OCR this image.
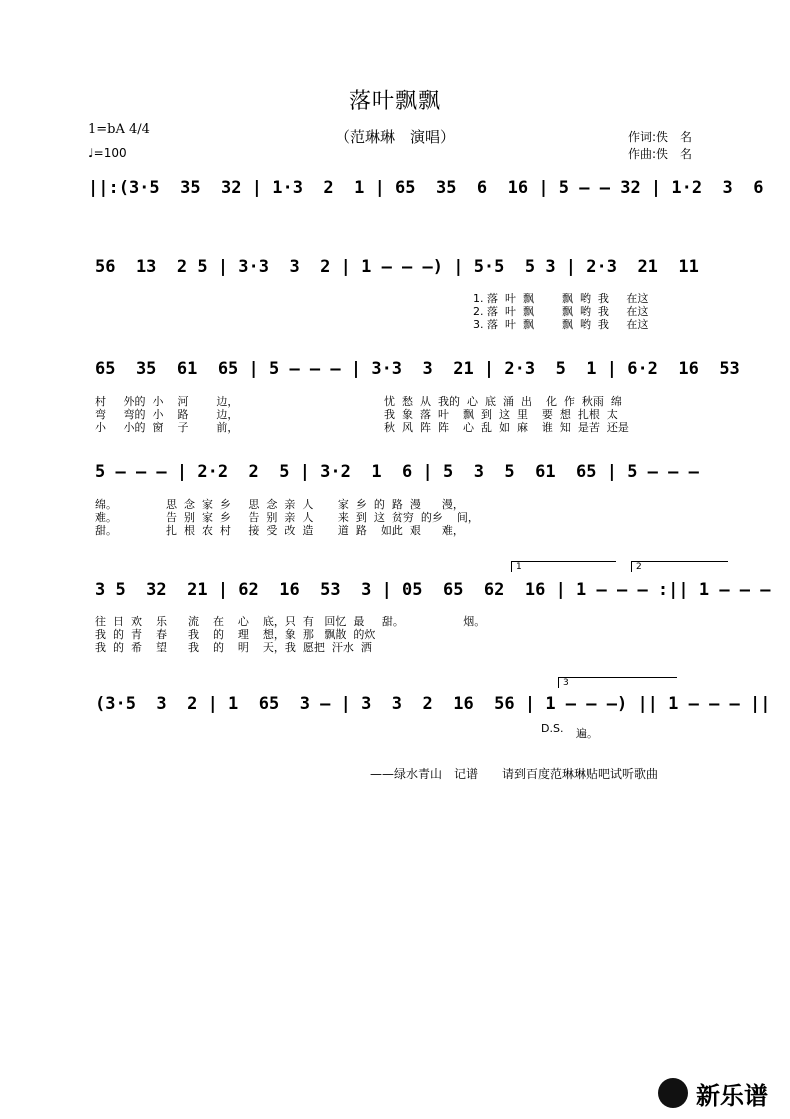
落叶飘飘
（范琳琳　演唱）	作词:佚　名
作曲:佚　名
1=bA 4/4
♩=100
||:(3·5  35  32 | 1·3  2  1 | 65  35  6  16 | 5 — — 32 | 1·2  3  6
56  13  2 5 | 3·3  3  2 | 1 — — —) | 5·5  5 3 | 2·3  21  11
1. 落  叶  飘        飘  哟  我     在这
2. 落  叶  飘        飘  哟  我     在这
3. 落  叶  飘        飘  哟  我     在这
65  35  61  65 | 5 — — — | 3·3  3  21 | 2·3  5  1 | 6·2  16  53
村     外的  小    河        边，	忧  愁  从  我的  心  底  涌  出    化  作  秋雨  绵
弯     弯的  小    路        边，	我  象  落  叶    飘  到  这  里    要  想  扎根  太
小     小的  窗    子        前，	秋  风  阵  阵    心  乱  如  麻    谁  知  是苦  还是
5 — — — | 2·2  2  5 | 3·2  1  6 | 5  3  5  61  65 | 5 — — —
绵。              思  念  家  乡     思  念  亲  人       家  乡  的  路  漫      漫，
难。              告  别  家  乡     告  别  亲  人       来  到  这  贫穷  的乡    间，
甜。              扎  根  农  村     接  受  改  造       道  路    如此  艰      难，
1	2
3 5  32  21 | 62  16  53  3 | 05  65  62  16 | 1 — — — :|| 1 — — —
往  日  欢    乐      流    在    心    底，只  有   回忆  最     甜。                 烟。
我  的  青    春      我    的    理    想，象  那   飘散  的炊
我  的  希    望      我    的    明    天，我  愿把  汗水  洒
3
(3·5  3  2 | 1  65  3 — | 3  3  2  16  56 | 1 — — —) || 1 — — — ||
D.S. 遍。
——绿水青山　记谱　　请到百度范琳琳贴吧试听歌曲
新乐谱
